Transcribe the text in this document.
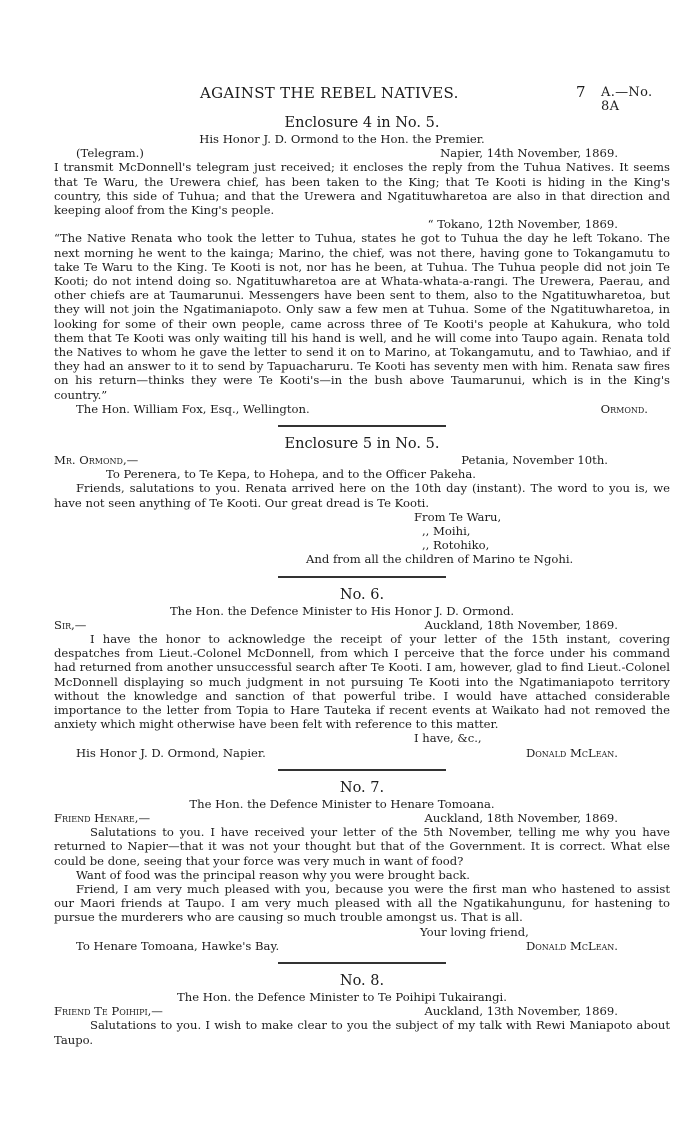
AGAINST THE REBEL NATIVES.	7 A.—No. 8A
Enclosure 4 in No. 5.
His Honor J. D. Ormond to the Hon. the Premier.
(Telegram.)	Napier, 14th November, 1869.

I transmit McDonnell's telegram just received; it encloses the reply from the Tuhua Natives. It seems that Te Waru, the Urewera chief, has been taken to the King; that Te Kooti is hiding in the King's country, this side of Tuhua; and that the Urewera and Ngatituwharetoa are also in that direction and keeping aloof from the King's people.

“ Tokano, 12th November, 1869.

“The Native Renata who took the letter to Tuhua, states he got to Tuhua the day he left Tokano. The next morning he went to the kainga; Marino, the chief, was not there, having gone to Tokangamutu to take Te Waru to the King. Te Kooti is not, nor has he been, at Tuhua. The Tuhua people did not join Te Kooti; do not intend doing so. Ngatituwharetoa are at Whata-whata-a-rangi. The Urewera, Paerau, and other chiefs are at Taumarunui. Messengers have been sent to them, also to the Ngatituwharetoa, but they will not join the Ngatimaniapoto. Only saw a few men at Tuhua. Some of the Ngatituwharetoa, in looking for some of their own people, came across three of Te Kooti's people at Kahukura, who told them that Te Kooti was only waiting till his hand is well, and he will come into Taupo again. Renata told the Natives to whom he gave the letter to send it on to Marino, at Tokangamutu, and to Tawhiao, and if they had an answer to it to send by Tapuacharuru. Te Kooti has seventy men with him. Renata saw fires on his return—thinks they were Te Kooti's—in the bush above Taumarunui, which is in the King's country.”

The Hon. William Fox, Esq., Wellington.	Ormond.
Enclosure 5 in No. 5.
Mr. Ormond,—	Petania, November 10th.
To Perenera, to Te Kepa, to Hohepa, and to the Officer Pakeha.

Friends, salutations to you. Renata arrived here on the 10th day (instant). The word to you is, we have not seen anything of Te Kooti. Our great dread is Te Kooti.

From Te Waru,
,, Moihi,
,, Rotohiko,
And from all the children of Marino te Ngohi.
No. 6.
The Hon. the Defence Minister to His Honor J. D. Ormond.
Sir,—	Auckland, 18th November, 1869.

I have the honor to acknowledge the receipt of your letter of the 15th instant, covering despatches from Lieut.-Colonel McDonnell, from which I perceive that the force under his command had returned from another unsuccessful search after Te Kooti. I am, however, glad to find Lieut.-Colonel McDonnell displaying so much judgment in not pursuing Te Kooti into the Ngatimaniapoto territory without the knowledge and sanction of that powerful tribe. I would have attached considerable importance to the letter from Topia to Hare Tauteka if recent events at Waikato had not removed the anxiety which might otherwise have been felt with reference to this matter.

I have, &c.,
His Honor J. D. Ormond, Napier.	Donald McLean.
No. 7.
The Hon. the Defence Minister to Henare Tomoana.
Friend Henare,—	Auckland, 18th November, 1869.

Salutations to you. I have received your letter of the 5th November, telling me why you have returned to Napier—that it was not your thought but that of the Government. It is correct. What else could be done, seeing that your force was very much in want of food?

Want of food was the principal reason why you were brought back.

Friend, I am very much pleased with you, because you were the first man who hastened to assist our Maori friends at Taupo. I am very much pleased with all the Ngatikahungunu, for hastening to pursue the murderers who are causing so much trouble amongst us. That is all.

Your loving friend,
To Henare Tomoana, Hawke's Bay.	Donald McLean.
No. 8.
The Hon. the Defence Minister to Te Poihipi Tukairangi.
Friend Te Poihipi,—	Auckland, 13th November, 1869.

Salutations to you. I wish to make clear to you the subject of my talk with Rewi Maniapoto about Taupo.
